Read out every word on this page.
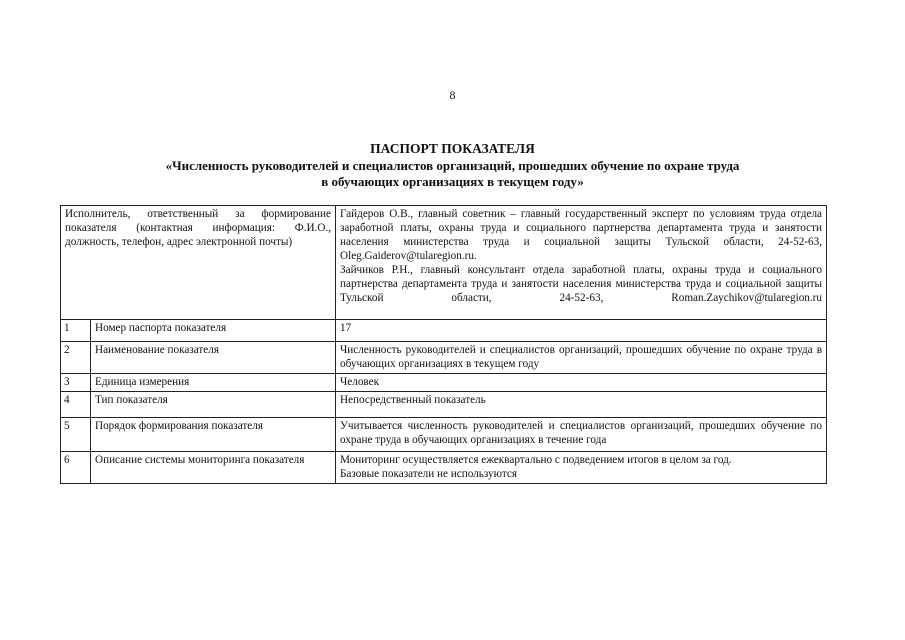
8
ПАСПОРТ ПОКАЗАТЕЛЯ
«Численность руководителей и специалистов организаций, прошедших обучение по охране труда
в обучающих организациях в текущем году»
Исполнитель, ответственный за формирование показателя (контактная информация: Ф.И.О., должность, телефон, адрес электронной почты)		Гайдеров О.В., главный советник – главный государственный эксперт по условиям труда отдела заработной платы, охраны труда и социального партнерства департамента труда и занятости населения министерства труда и социальной защиты Тульской области, 24-52-63, Oleg.Gaiderov@tularegion.ru.

Зайчиков Р.Н., главный консультант отдела заработной платы, охраны труда и социального партнерства департамента труда и занятости населения министерства труда и социальной защиты Тульской области, 24-52-63, Roman.Zaychikov@tularegion.ru

1	Номер паспорта показателя	17
2	Наименование показателя	Численность руководителей и специалистов организаций, прошедших обучение по охране труда в обучающих организациях в текущем году
3	Единица измерения	Человек
4	Тип показателя	Непосредственный показатель
5	Порядок формирования показателя	Учитывается численность руководителей и специалистов организаций, прошедших обучение по охране труда в обучающих организациях в течение года
6	Описание системы мониторинга показателя	Мониторинг осуществляется ежеквартально с подведением итогов в целом за год.
Базовые показатели не используются
